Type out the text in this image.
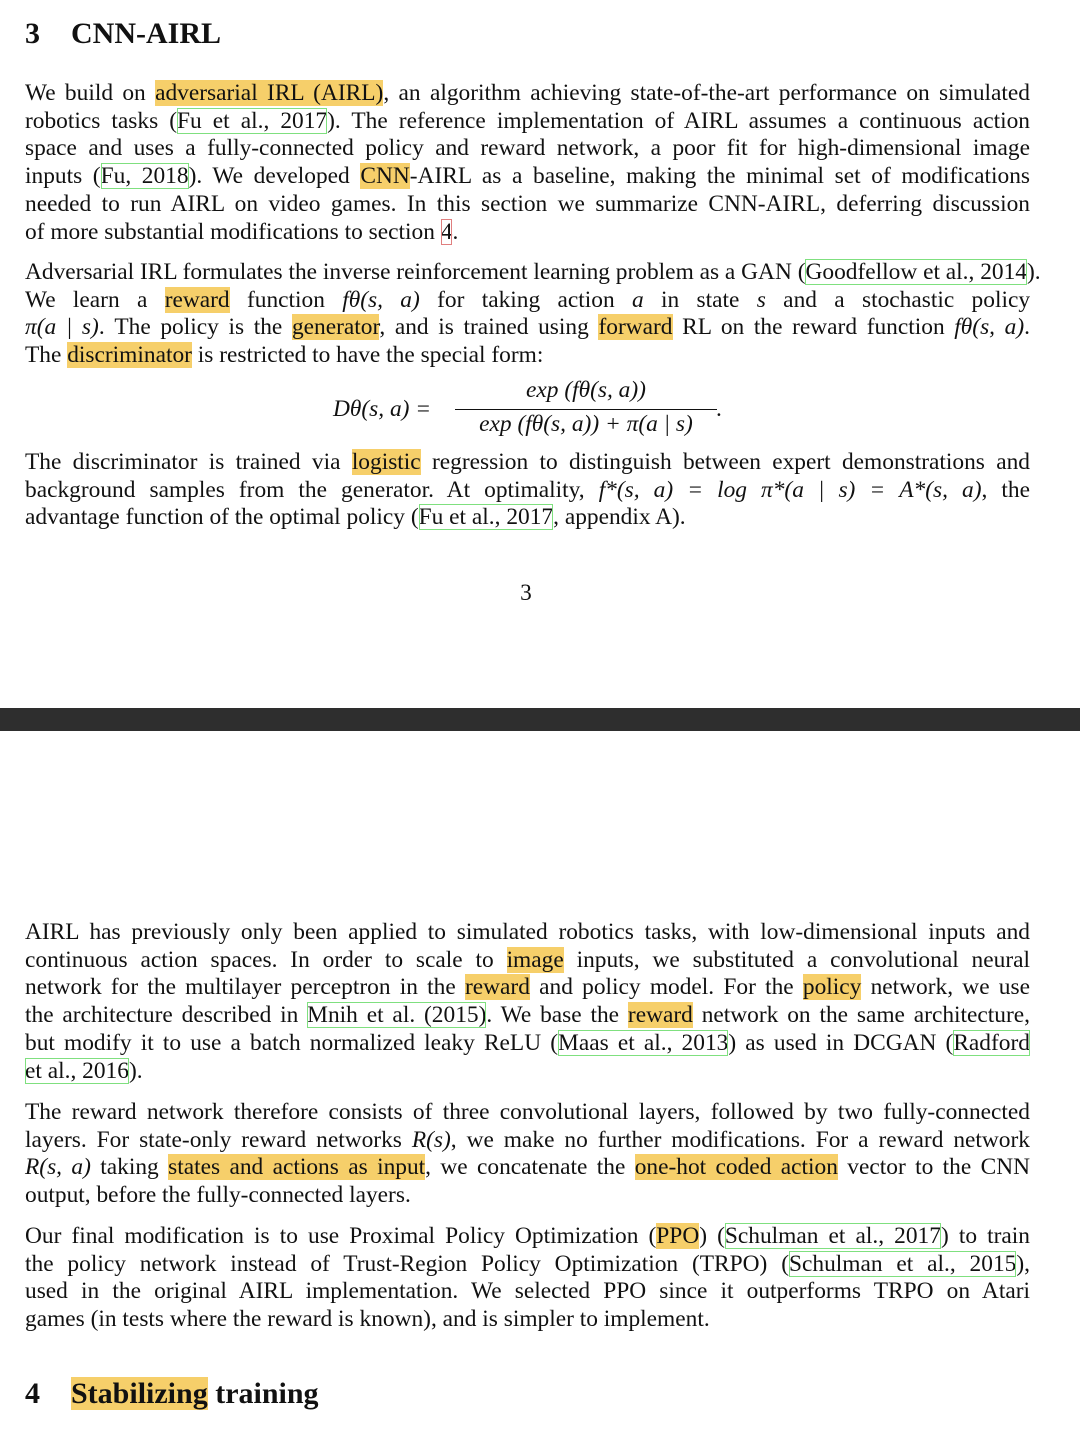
3 CNN-AIRL
We build on adversarial IRL (AIRL), an algorithm achieving state-of-the-art performance on simulated
robotics tasks (Fu et al., 2017). The reference implementation of AIRL assumes a continuous action
space and uses a fully-connected policy and reward network, a poor fit for high-dimensional image
inputs (Fu, 2018). We developed CNN-AIRL as a baseline, making the minimal set of modifications
needed to run AIRL on video games. In this section we summarize CNN-AIRL, deferring discussion
of more substantial modifications to section 4.
Adversarial IRL formulates the inverse reinforcement learning problem as a GAN (Goodfellow et al., 2014).
We learn a reward function fθ(s, a) for taking action a in state s and a stochastic policy
π(a | s). The policy is the generator, and is trained using forward RL on the reward function fθ(s, a).
The discriminator is restricted to have the special form:
Dθ(s, a) =
exp (fθ(s, a))
exp (fθ(s, a)) + π(a | s)
.
The discriminator is trained via logistic regression to distinguish between expert demonstrations and
background samples from the generator. At optimality, f*(s, a) = log π*(a | s) = A*(s, a), the
advantage function of the optimal policy (Fu et al., 2017, appendix A).
3
AIRL has previously only been applied to simulated robotics tasks, with low-dimensional inputs and
continuous action spaces. In order to scale to image inputs, we substituted a convolutional neural
network for the multilayer perceptron in the reward and policy model. For the policy network, we use
the architecture described in Mnih et al. (2015). We base the reward network on the same architecture,
but modify it to use a batch normalized leaky ReLU (Maas et al., 2013) as used in DCGAN (Radford
et al., 2016).
The reward network therefore consists of three convolutional layers, followed by two fully-connected
layers. For state-only reward networks R(s), we make no further modifications. For a reward network
R(s, a) taking states and actions as input, we concatenate the one-hot coded action vector to the CNN
output, before the fully-connected layers.
Our final modification is to use Proximal Policy Optimization (PPO) (Schulman et al., 2017) to train
the policy network instead of Trust-Region Policy Optimization (TRPO) (Schulman et al., 2015),
used in the original AIRL implementation. We selected PPO since it outperforms TRPO on Atari
games (in tests where the reward is known), and is simpler to implement.
4 Stabilizing training
